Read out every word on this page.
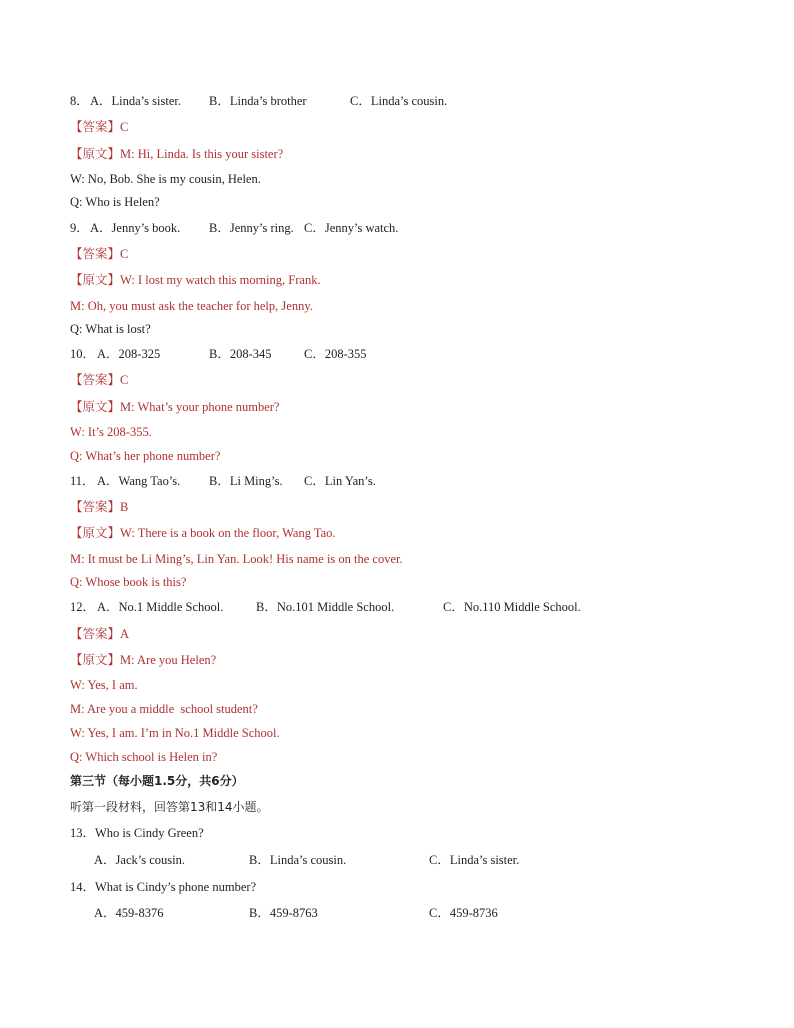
8． A．Linda’s sister. B．Linda’s brother	C．Linda’s cousin.
【答案】C
【原文】M: Hi, Linda. Is this your sister?
W: No, Bob. She is my cousin, Helen.
Q: Who is Helen?
9． A．Jenny’s book. B．Jenny’s ring. C．Jenny’s watch.
【答案】C
【原文】W: I lost my watch this morning, Frank.
M: Oh, you must ask the teacher for help, Jenny.
Q: What is lost?
10． A．208-325	B．208-345	C．208-355
【答案】C
【原文】M: What’s your phone number?
W: It’s 208-355.
Q: What’s her phone number?
11． A．Wang Tao’s. B．Li Ming’s. C．Lin Yan’s.
【答案】B
【原文】W: There is a book on the floor, Wang Tao.
M: It must be Li Ming’s, Lin Yan. Look! His name is on the cover.
Q: Whose book is this?
12． A．No.1 Middle School.	B．No.101 Middle School.	C．No.110 Middle School.
【答案】A
【原文】M: Are you Helen?
W: Yes, I am.
M: Are you a middle  school student?
W: Yes, I am. I’m in No.1 Middle School.
Q: Which school is Helen in?
第三节（每小题1.5分，共6分）
听第一段材料，回答第13和14小题。
13．Who is Cindy Green?
A．Jack’s cousin.	B．Linda’s cousin.	C．Linda’s sister.
14．What is Cindy’s phone number?
A．459-8376	B．459-8763	C．459-8736
